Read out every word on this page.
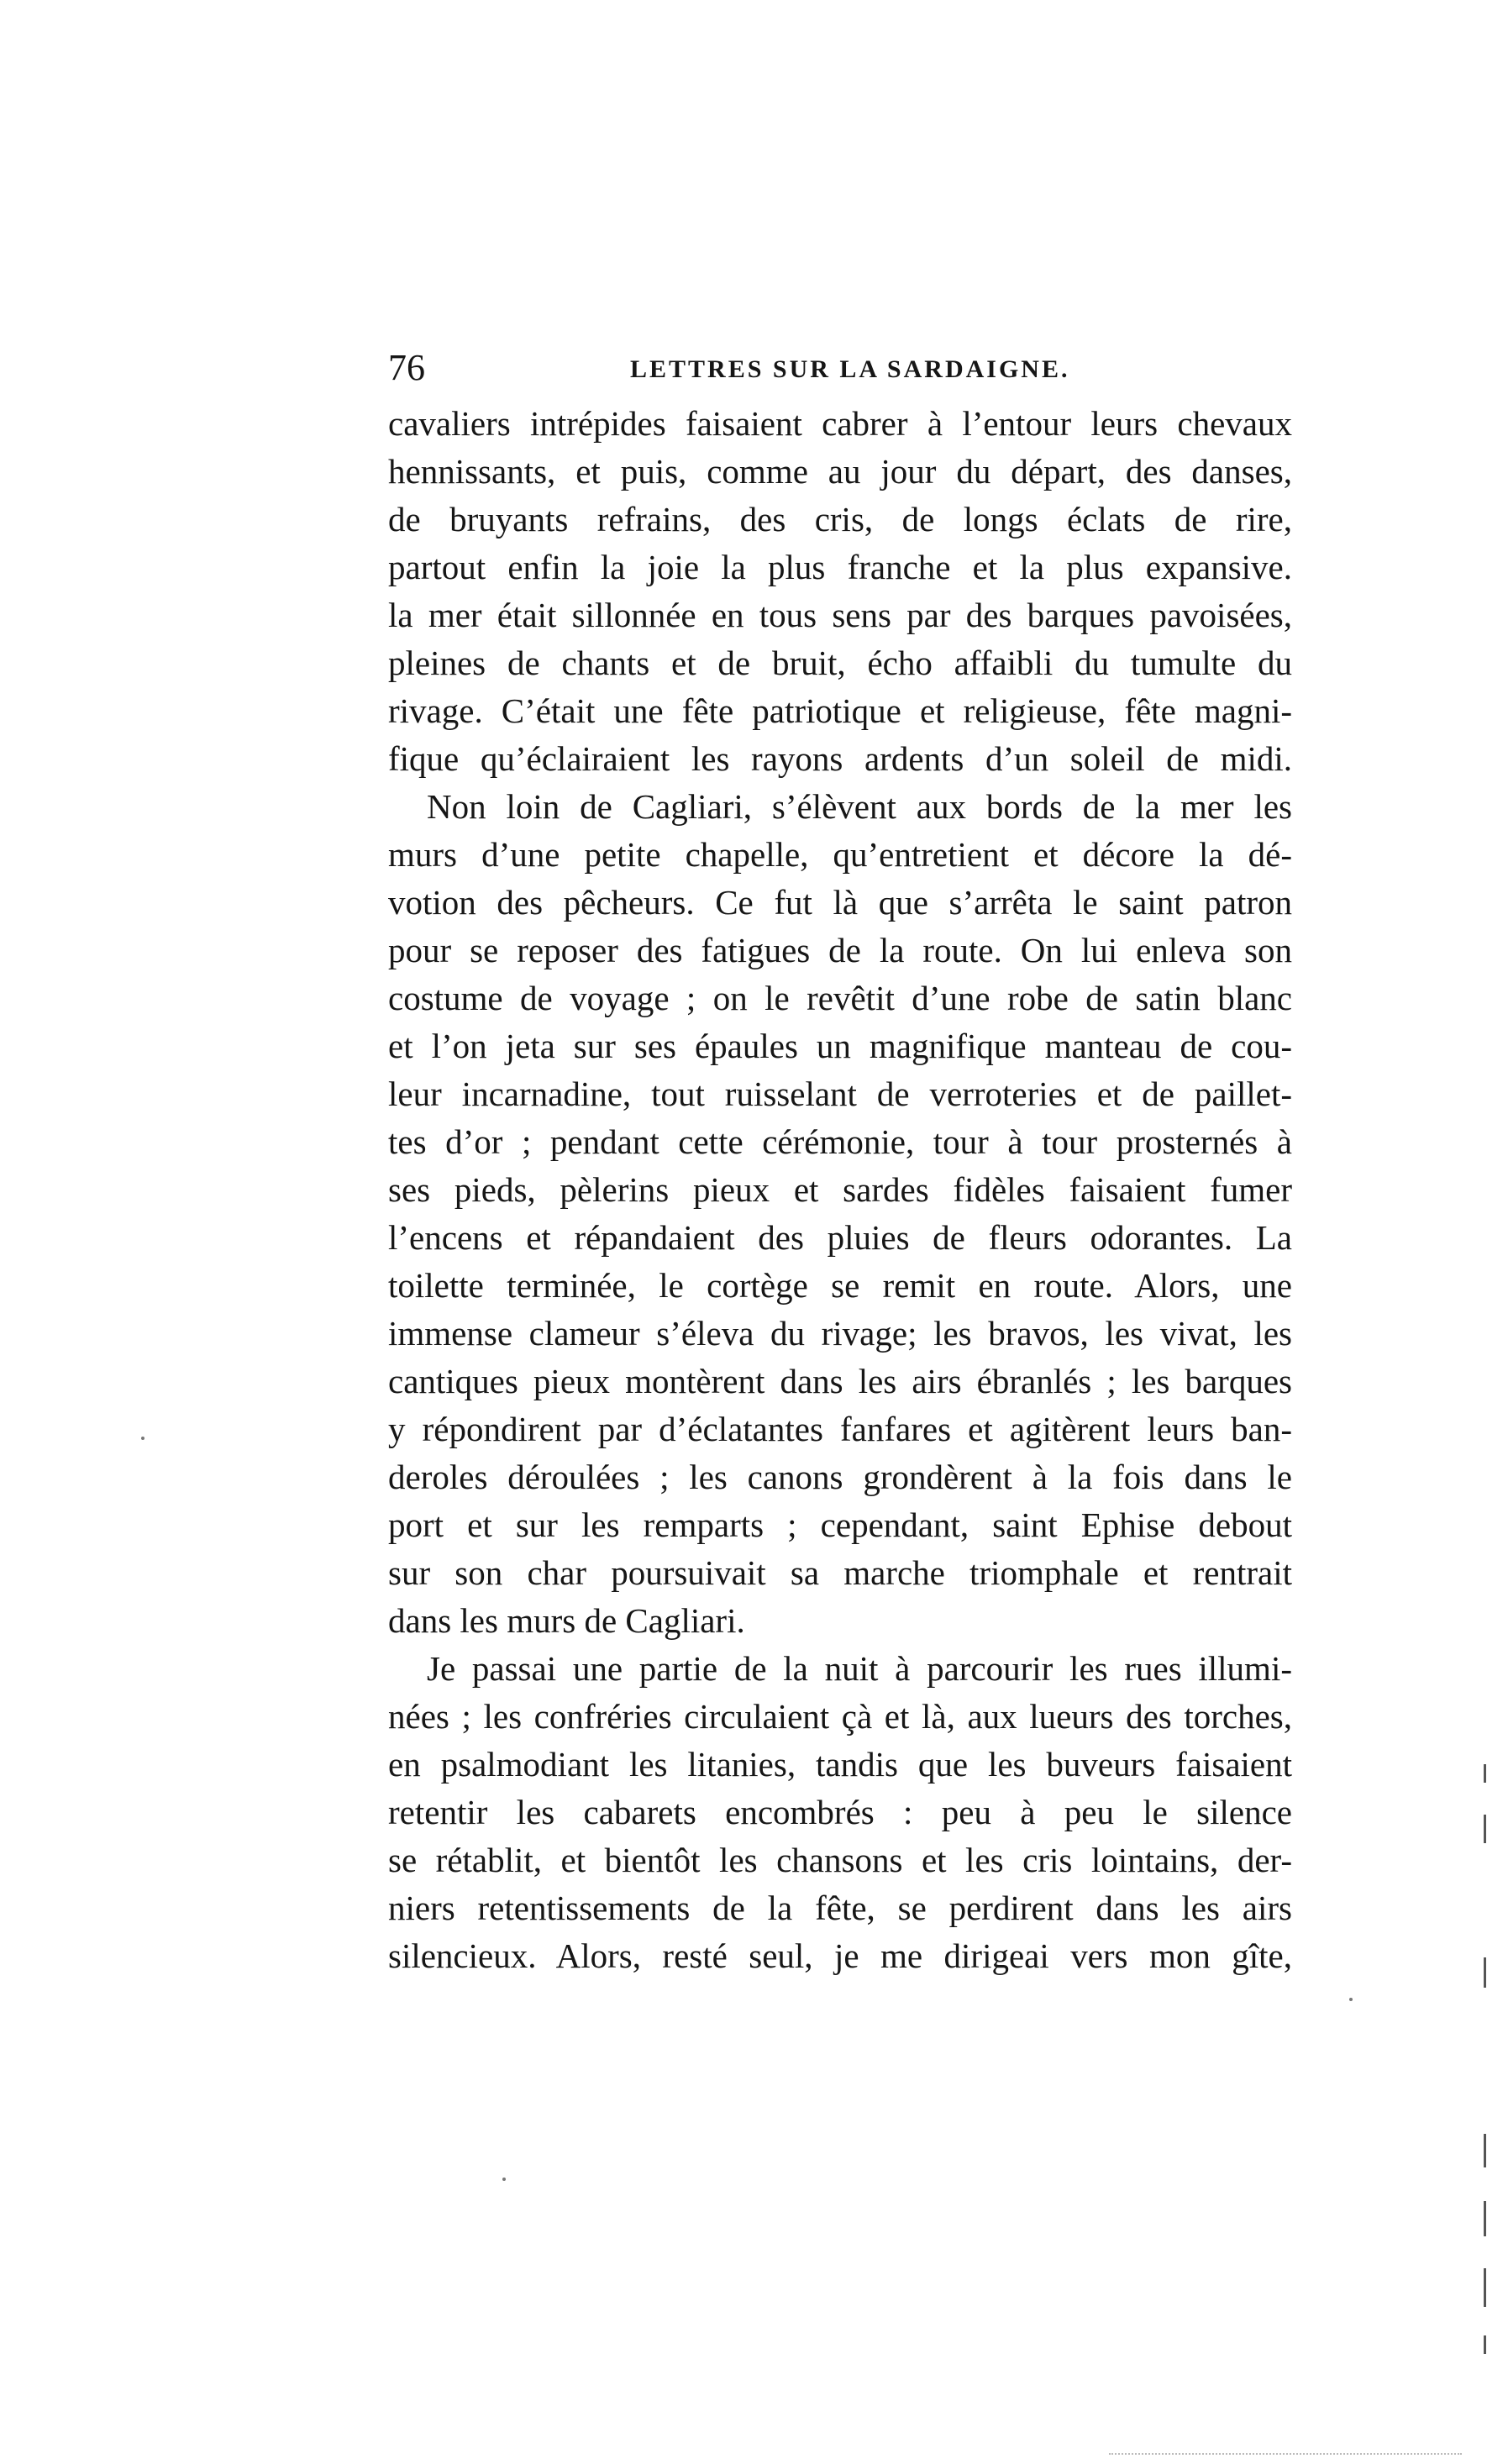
76	LETTRES SUR LA SARDAIGNE.
cavaliers intrépides faisaient cabrer à l’entour leurs chevaux
hennissants, et puis, comme au jour du départ, des danses,
de bruyants refrains, des cris, de longs éclats de rire,
partout enfin la joie la plus franche et la plus expansive.
la mer était sillonnée en tous sens par des barques pavoisées,
pleines de chants et de bruit, écho affaibli du tumulte du
rivage. C’était une fête patriotique et religieuse, fête magni-
fique qu’éclairaient les rayons ardents d’un soleil de midi.
Non loin de Cagliari, s’élèvent aux bords de la mer les
murs d’une petite chapelle, qu’entretient et décore la dé-
votion des pêcheurs. Ce fut là que s’arrêta le saint patron
pour se reposer des fatigues de la route. On lui enleva son
costume de voyage ; on le revêtit d’une robe de satin blanc
et l’on jeta sur ses épaules un magnifique manteau de cou-
leur incarnadine, tout ruisselant de verroteries et de paillet-
tes d’or ; pendant cette cérémonie, tour à tour prosternés à
ses pieds, pèlerins pieux et sardes fidèles faisaient fumer
l’encens et répandaient des pluies de fleurs odorantes. La
toilette terminée, le cortège se remit en route. Alors, une
immense clameur s’éleva du rivage; les bravos, les vivat, les
cantiques pieux montèrent dans les airs ébranlés ; les barques
y répondirent par d’éclatantes fanfares et agitèrent leurs ban-
deroles déroulées ; les canons grondèrent à la fois dans le
port et sur les remparts ; cependant, saint Ephise debout
sur son char poursuivait sa marche triomphale et rentrait
dans les murs de Cagliari.
Je passai une partie de la nuit à parcourir les rues illumi-
nées ; les confréries circulaient çà et là, aux lueurs des torches,
en psalmodiant les litanies, tandis que les buveurs faisaient
retentir les cabarets encombrés : peu à peu le silence
se rétablit, et bientôt les chansons et les cris lointains, der-
niers retentissements de la fête, se perdirent dans les airs
silencieux. Alors, resté seul, je me dirigeai vers mon gîte,
